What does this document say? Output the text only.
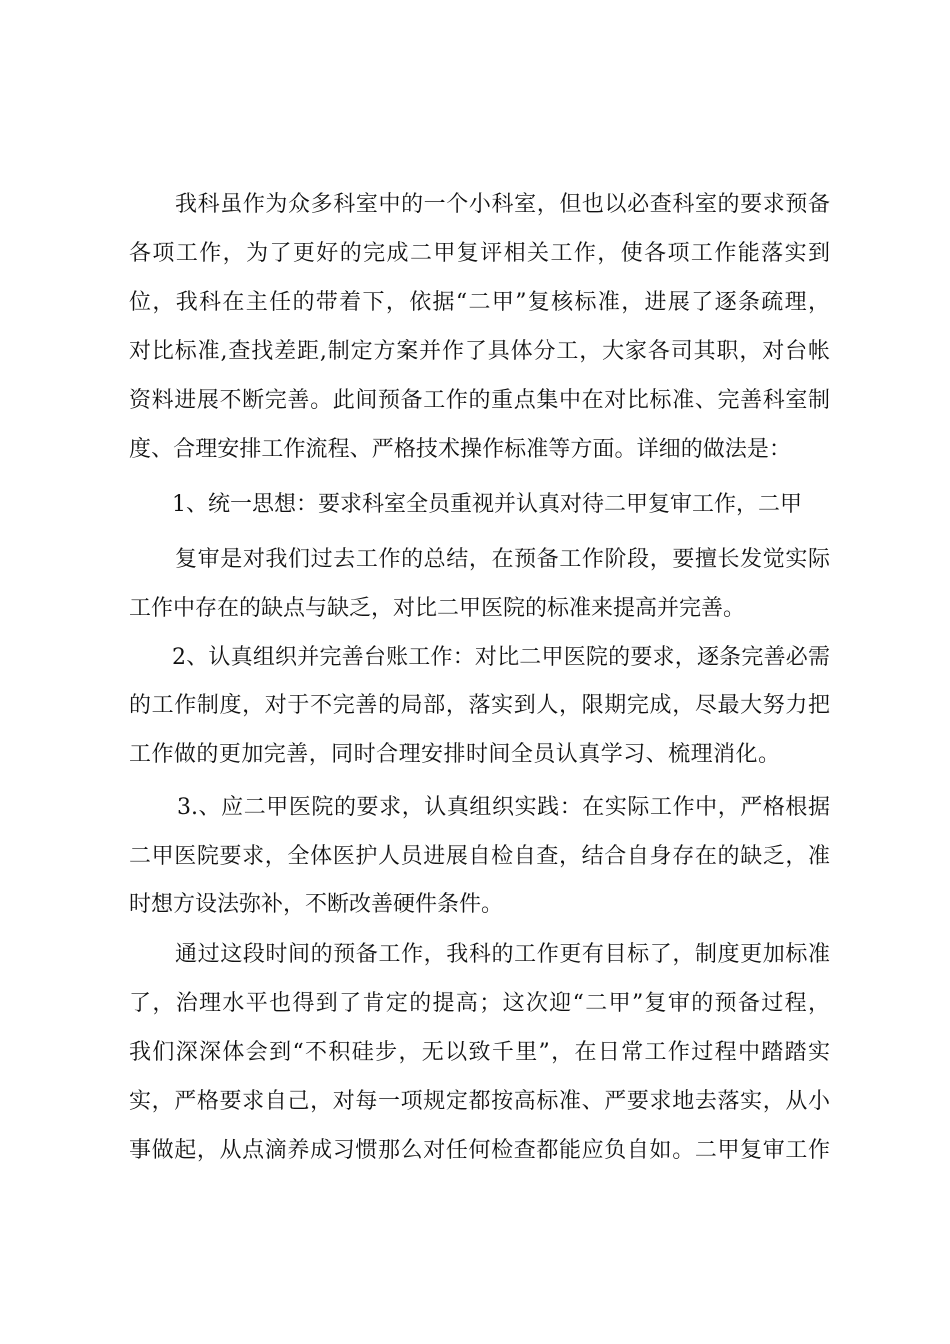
我科虽作为众多科室中的一个小科室，但也以必查科室的要求预备
各项工作，为了更好的完成二甲复评相关工作，使各项工作能落实到
位，我科在主任的带着下，依据“二甲”复核标准，进展了逐条疏理，
对比标准,查找差距,制定方案并作了具体分工，大家各司其职，对台帐
资料进展不断完善。此间预备工作的重点集中在对比标准、完善科室制
度、合理安排工作流程、严格技术操作标准等方面。详细的做法是：
1、统一思想：要求科室全员重视并认真对待二甲复审工作，二甲
复审是对我们过去工作的总结，在预备工作阶段，要擅长发觉实际
工作中存在的缺点与缺乏，对比二甲医院的标准来提高并完善。
2、认真组织并完善台账工作：对比二甲医院的要求，逐条完善必需
的工作制度，对于不完善的局部，落实到人，限期完成，尽最大努力把
工作做的更加完善，同时合理安排时间全员认真学习、梳理消化。
3.、应二甲医院的要求，认真组织实践：在实际工作中，严格根据
二甲医院要求，全体医护人员进展自检自查，结合自身存在的缺乏，准
时想方设法弥补，不断改善硬件条件。
通过这段时间的预备工作，我科的工作更有目标了，制度更加标准
了，治理水平也得到了肯定的提高；这次迎“二甲”复审的预备过程，
我们深深体会到“不积硅步，无以致千里”，在日常工作过程中踏踏实
实，严格要求自己，对每一项规定都按高标准、严要求地去落实，从小
事做起，从点滴养成习惯那么对任何检查都能应负自如。二甲复审工作
